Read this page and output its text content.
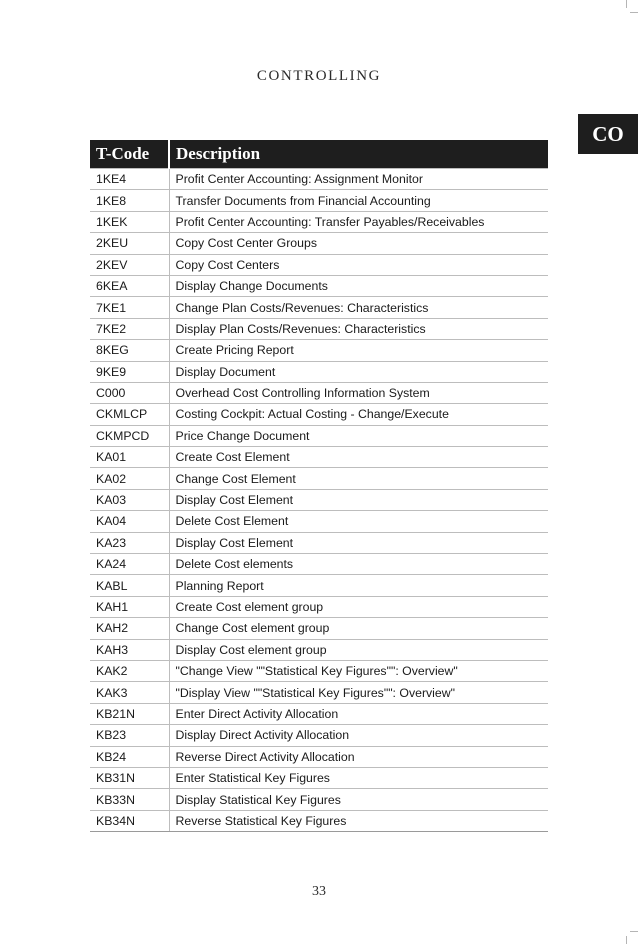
CONTROLLING
CO
T-Code	Description
1KE4	Profit Center Accounting: Assignment Monitor
1KE8	Transfer Documents from Financial Accounting
1KEK	Profit Center Accounting: Transfer Payables/Receivables
2KEU	Copy Cost Center Groups
2KEV	Copy Cost Centers
6KEA	Display Change Documents
7KE1	Change Plan Costs/Revenues: Characteristics
7KE2	Display Plan Costs/Revenues: Characteristics
8KEG	Create Pricing Report
9KE9	Display Document
C000	Overhead Cost Controlling Information System
CKMLCP	Costing Cockpit: Actual Costing - Change/Execute
CKMPCD	Price Change Document
KA01	Create Cost Element
KA02	Change Cost Element
KA03	Display Cost Element
KA04	Delete Cost Element
KA23	Display Cost Element
KA24	Delete Cost elements
KABL	Planning Report
KAH1	Create Cost element group
KAH2	Change Cost element group
KAH3	Display Cost element group
KAK2	"Change View ""Statistical Key Figures"": Overview"
KAK3	"Display View ""Statistical Key Figures"": Overview"
KB21N	Enter Direct Activity Allocation
KB23	Display Direct Activity Allocation
KB24	Reverse Direct Activity Allocation
KB31N	Enter Statistical Key Figures
KB33N	Display Statistical Key Figures
KB34N	Reverse Statistical Key Figures
33
